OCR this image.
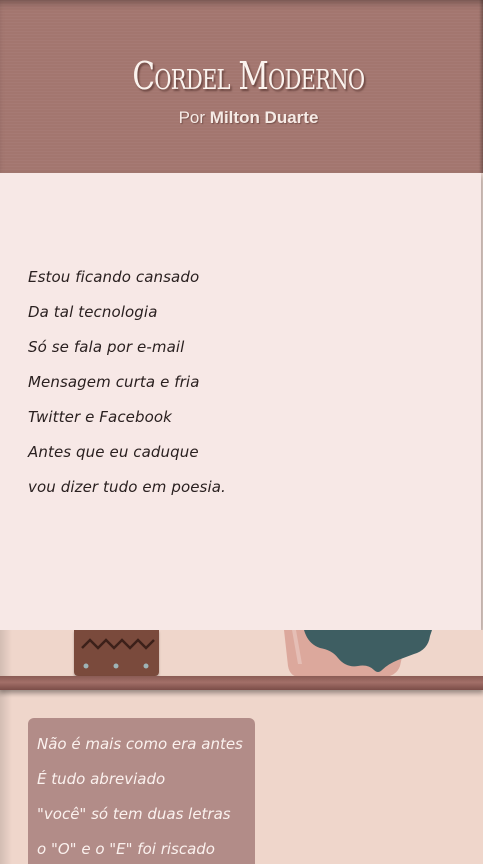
Cordel Moderno
Por Milton Duarte
Estou ficando cansado
Da tal tecnologia
Só se fala por e-mail
Mensagem curta e fria
Twitter e Facebook
Antes que eu caduque
vou dizer tudo em poesia.
Não é mais como era antes
É tudo abreviado
"você" só tem duas letras
o "O" e o "E" foi riscado
